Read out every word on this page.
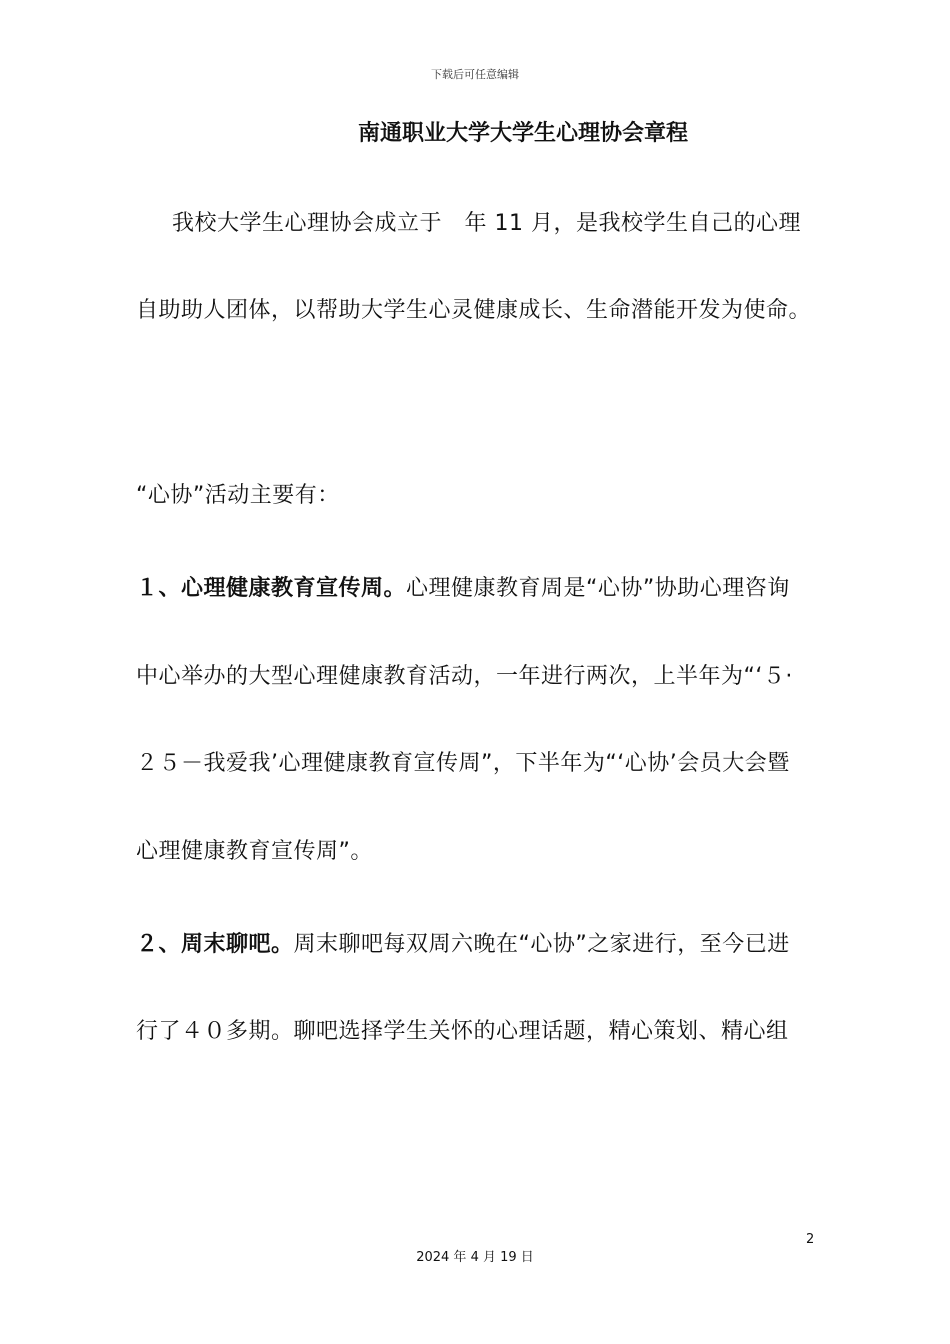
下载后可任意编辑
南通职业大学大学生心理协会章程
我校大学生心理协会成立于　年 11 月，是我校学生自己的心理
自助助人团体，以帮助大学生心灵健康成长、生命潜能开发为使命。
“心协”活动主要有：
１、心理健康教育宣传周。心理健康教育周是“心协”协助心理咨询
中心举办的大型心理健康教育活动，一年进行两次，上半年为“‘５·
２５－我爱我’心理健康教育宣传周”，下半年为“‘心协’会员大会暨
心理健康教育宣传周”。
２、周末聊吧。周末聊吧每双周六晚在“心协”之家进行，至今已进
行了４０多期。聊吧选择学生关怀的心理话题，精心策划、精心组
2
2024 年 4 月 19 日
